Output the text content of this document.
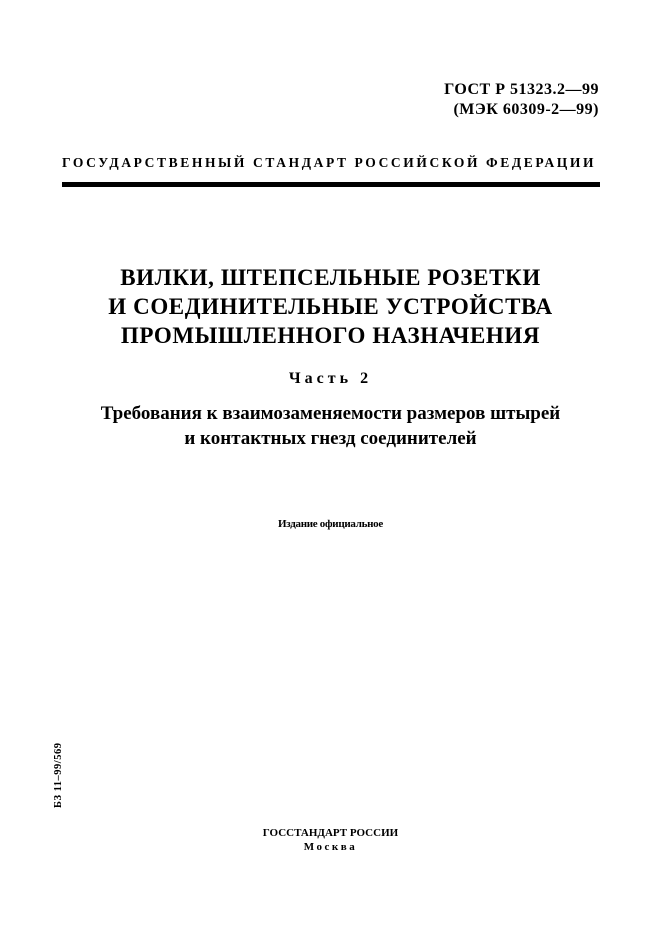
ГОСТ Р 51323.2—99
(МЭК 60309-2—99)
ГОСУДАРСТВЕННЫЙ СТАНДАРТ РОССИЙСКОЙ ФЕДЕРАЦИИ
ВИЛКИ, ШТЕПСЕЛЬНЫЕ РОЗЕТКИ
И СОЕДИНИТЕЛЬНЫЕ УСТРОЙСТВА
ПРОМЫШЛЕННОГО НАЗНАЧЕНИЯ
Часть 2
Требования к взаимозаменяемости размеров штырей
и контактных гнезд соединителей
Издание официальное
БЗ 11–99/569
ГОССТАНДАРТ РОССИИ
Москва
